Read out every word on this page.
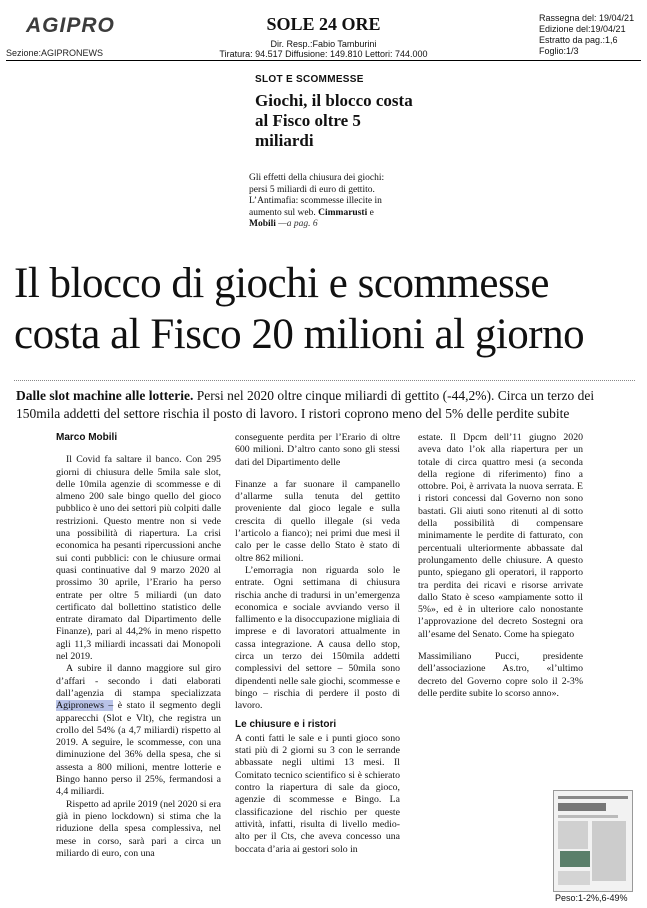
AGIPRO
Sezione:AGIPRONEWS
SOLE 24 ORE
Dir. Resp.:Fabio Tamburini
Tiratura: 94.517 Diffusione: 149.810 Lettori: 744.000
Rassegna del: 19/04/21
Edizione del:19/04/21
Estratto da pag.:1,6
Foglio:1/3
SLOT E SCOMMESSE
Giochi, il blocco costa al Fisco oltre 5 miliardi
Gli effetti della chiusura dei giochi: persi 5 miliardi di euro di gettito. L’Antimafia: scommesse illecite in aumento sul web. Cimmarusti e Mobili —a pag. 6
Il blocco di giochi e scommesse costa al Fisco 20 milioni al giorno
Dalle slot machine alle lotterie. Persi nel 2020 oltre cinque miliardi di gettito (-44,2%). Circa un terzo dei 150mila addetti del settore rischia il posto di lavoro. I ristori coprono meno del 5% delle perdite subite
Marco Mobili

Il Covid fa saltare il banco. Con 295 giorni di chiusura delle 5mila sale slot, delle 10mila agenzie di scommesse e di almeno 200 sale bingo quello del gioco pubblico è uno dei settori più colpiti dalle restrizioni. Questo mentre non si vede una possibilità di riapertura. La crisi economica ha pesanti ripercussioni anche sui conti pubblici: con le chiusure ormai quasi continuative dal 9 marzo 2020 al prossimo 30 aprile, l’Erario ha perso entrate per oltre 5 miliardi (un dato certificato dal bollettino statistico delle entrate diramato dal Dipartimento delle Finanze), pari al 44,2% in meno rispetto agli 11,3 miliardi incassati dai Monopoli nel 2019.

A subire il danno maggiore sul giro d’affari - secondo i dati elaborati dall’agenzia di stampa specializzata Agipronews – è stato il segmento degli apparecchi (Slot e Vlt), che registra un crollo del 54% (a 4,7 miliardi) rispetto al 2019. A seguire, le scommesse, con una diminuzione del 36% della spesa, che si assesta a 800 milioni, mentre lotterie e Bingo hanno perso il 25%, fermandosi a 4,4 miliardi.

Rispetto ad aprile 2019 (nel 2020 si era già in pieno lockdown) si stima che la riduzione della spesa complessiva, nel mese in corso, sarà pari a circa un miliardo di euro, con una

conseguente perdita per l’Erario di oltre 600 milioni. D’altro canto sono gli stessi dati del Dipartimento delle

Finanze a far suonare il campanello d’allarme sulla tenuta del gettito proveniente dal gioco legale e sulla crescita di quello illegale (si veda l’articolo a fianco); nei primi due mesi il calo per le casse dello Stato è stato di oltre 862 milioni.

L’emorragia non riguarda solo le entrate. Ogni settimana di chiusura rischia anche di tradursi in un’emergenza economica e sociale avviando verso il fallimento e la disoccupazione migliaia di imprese e di lavoratori attualmente in cassa integrazione. A causa dello stop, circa un terzo dei 150mila addetti complessivi del settore – 50mila sono dipendenti nelle sale giochi, scommesse e bingo – rischia di perdere il posto di lavoro.

Le chiusure e i ristori

A conti fatti le sale e i punti gioco sono stati più di 2 giorni su 3 con le serrande abbassate negli ultimi 13 mesi. Il Comitato tecnico scientifico si è schierato contro la riapertura di sale da gioco, agenzie di scommesse e Bingo. La classificazione del rischio per queste attività, infatti, risulta di livello medio-alto per il Cts, che aveva concesso una boccata d’aria ai gestori solo in

estate. Il Dpcm dell’11 giugno 2020 aveva dato l’ok alla riapertura per un totale di circa quattro mesi (a seconda della regione di riferimento) fino a ottobre. Poi, è arrivata la nuova serrata. E i ristori concessi dal Governo non sono bastati. Gli aiuti sono ritenuti al di sotto della possibilità di compensare minimamente le perdite di fatturato, con percentuali ulteriormente abbassate dal prolungamento delle chiusure. A questo punto, spiegano gli operatori, il rapporto tra perdita dei ricavi e risorse arrivate dallo Stato è sceso «ampiamente sotto il 5%», ed è in ulteriore calo nonostante l’approvazione del decreto Sostegni ora all’esame del Senato. Come ha spiegato

Massimiliano Pucci, presidente dell’associazione As.tro, «l’ultimo decreto del Governo copre solo il 2-3% delle perdite subite lo scorso anno».

Peso:1-2%,6-49%
